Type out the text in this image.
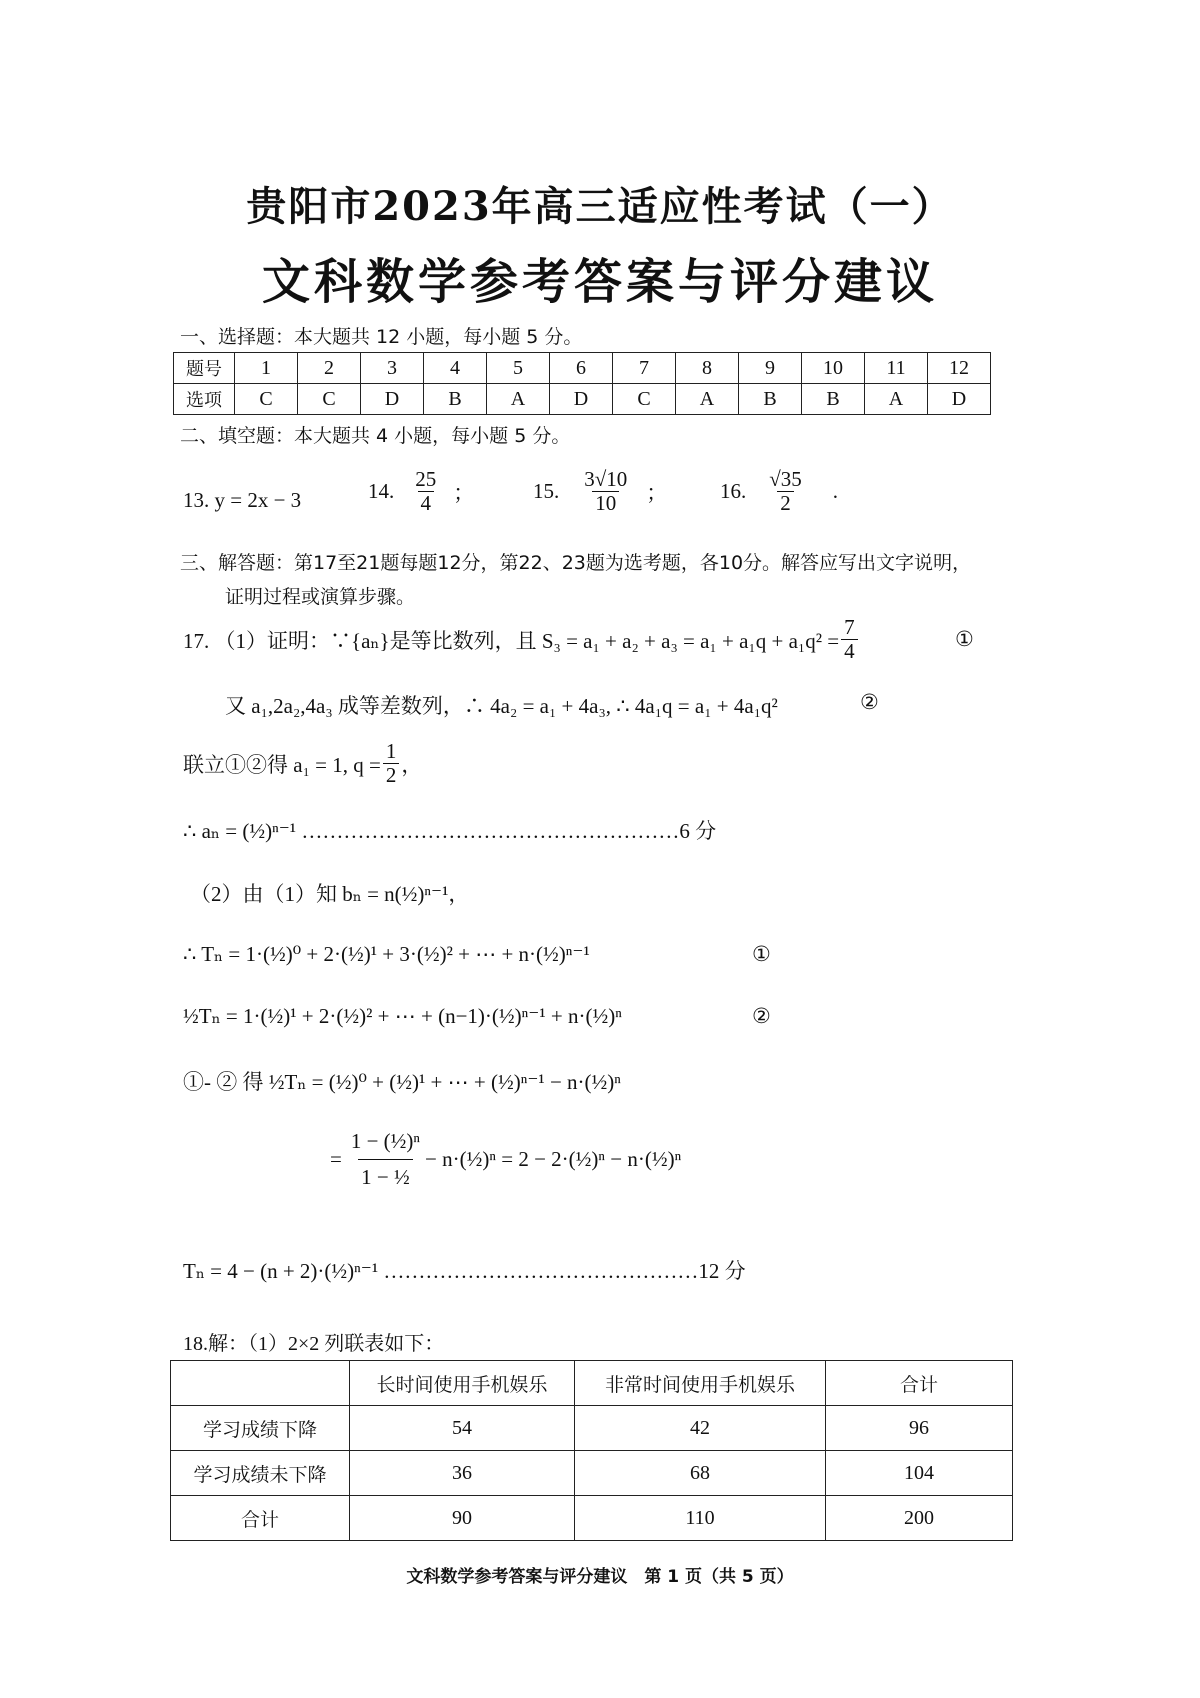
贵阳市2023年高三适应性考试（一）
文科数学参考答案与评分建议
一、选择题：本大题共 12 小题，每小题 5 分。
题号	1	2	3	4	5	6	7	8	9	10	11	12
选项	C	C	D	B	A	D	C	A	B	B	A	D
二、填空题：本大题共 4 小题，每小题 5 分。
13. y = 2x − 3	14. $\frac{25}{4}$ ；	15. $\frac{3√10}{10}$ ；	16. $\frac{√35}{2}$ .
三、解答题：第17至21题每题12分，第22、23题为选考题，各10分。解答应写出文字说明，
证明过程或演算步骤。
17. （1）证明：∵{aₙ}是等比数列，且 $S_3 = a_1 + a_2 + a_3 = a_1 + a_1q + a_1q^2 = \frac{7}{4}$	①
又 a₁,2a₂,4a₃ 成等差数列，∴ 4a₂ = a₁ + 4a₃, ∴ 4a₁q = a₁ + 4a₁q²	②
联立①②得 a₁ = 1, $q = \frac{1}{2}$ ，
∴ aₙ = (½)ⁿ⁻¹ ………………………………………………6 分
（2）由（1）知 bₙ = n(½)ⁿ⁻¹，
∴ Tₙ = 1·(½)⁰ + 2·(½)¹ + 3·(½)² + ⋯ + n·(½)ⁿ⁻¹	①
½Tₙ = 1·(½)¹ + 2·(½)² + ⋯ + (n−1)·(½)ⁿ⁻¹ + n·(½)ⁿ	②
①- ② 得 ½Tₙ = (½)⁰ + (½)¹ + ⋯ + (½)ⁿ⁻¹ − n·(½)ⁿ
= $\frac{\text{1 − (½)ⁿ}}{\text{1 − ½}}$ − n·(½)ⁿ = 2 − 2·(½)ⁿ − n·(½)ⁿ
Tₙ = 4 − (n + 2)·(½)ⁿ⁻¹ ………………………………………12 分
18.解：（1）2×2 列联表如下：
	长时间使用手机娱乐	非常时间使用手机娱乐	合计
学习成绩下降	54	42	96
学习成绩未下降	36	68	104
合计	90	110	200
文科数学参考答案与评分建议　第 1 页（共 5 页）
